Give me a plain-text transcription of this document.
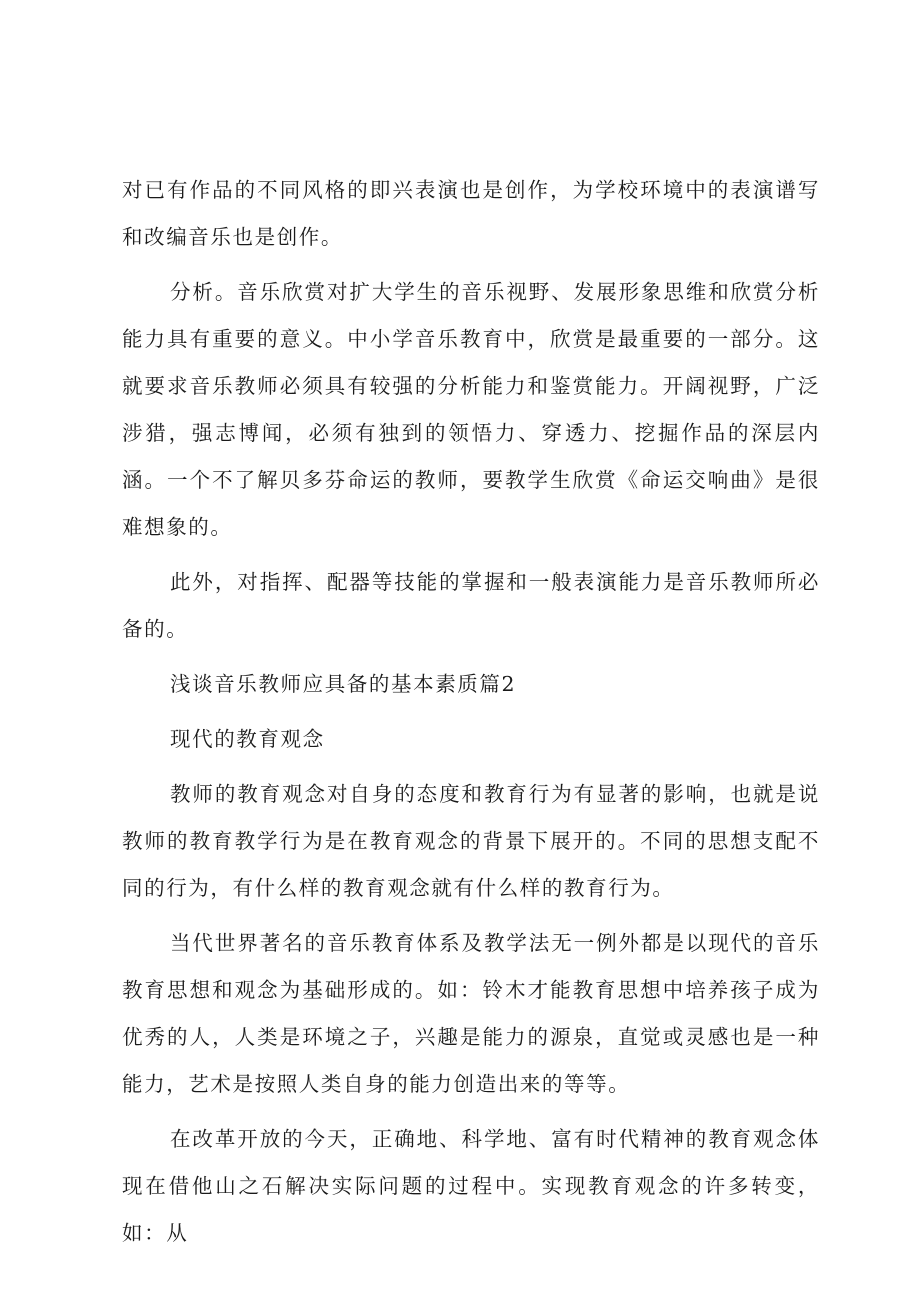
对已有作品的不同风格的即兴表演也是创作，为学校环境中的表演谱写和改编音乐也是创作。

分析。音乐欣赏对扩大学生的音乐视野、发展形象思维和欣赏分析能力具有重要的意义。中小学音乐教育中，欣赏是最重要的一部分。这就要求音乐教师必须具有较强的分析能力和鉴赏能力。开阔视野，广泛涉猎，强志博闻，必须有独到的领悟力、穿透力、挖掘作品的深层内涵。一个不了解贝多芬命运的教师，要教学生欣赏《命运交响曲》是很难想象的。

此外，对指挥、配器等技能的掌握和一般表演能力是音乐教师所必备的。

浅谈音乐教师应具备的基本素质篇2

现代的教育观念

教师的教育观念对自身的态度和教育行为有显著的影响，也就是说教师的教育教学行为是在教育观念的背景下展开的。不同的思想支配不同的行为，有什么样的教育观念就有什么样的教育行为。

当代世界著名的音乐教育体系及教学法无一例外都是以现代的音乐教育思想和观念为基础形成的。如：铃木才能教育思想中培养孩子成为优秀的人，人类是环境之子，兴趣是能力的源泉，直觉或灵感也是一种能力，艺术是按照人类自身的能力创造出来的等等。

在改革开放的今天，正确地、科学地、富有时代精神的教育观念体现在借他山之石解决实际问题的过程中。实现教育观念的许多转变，如：从
